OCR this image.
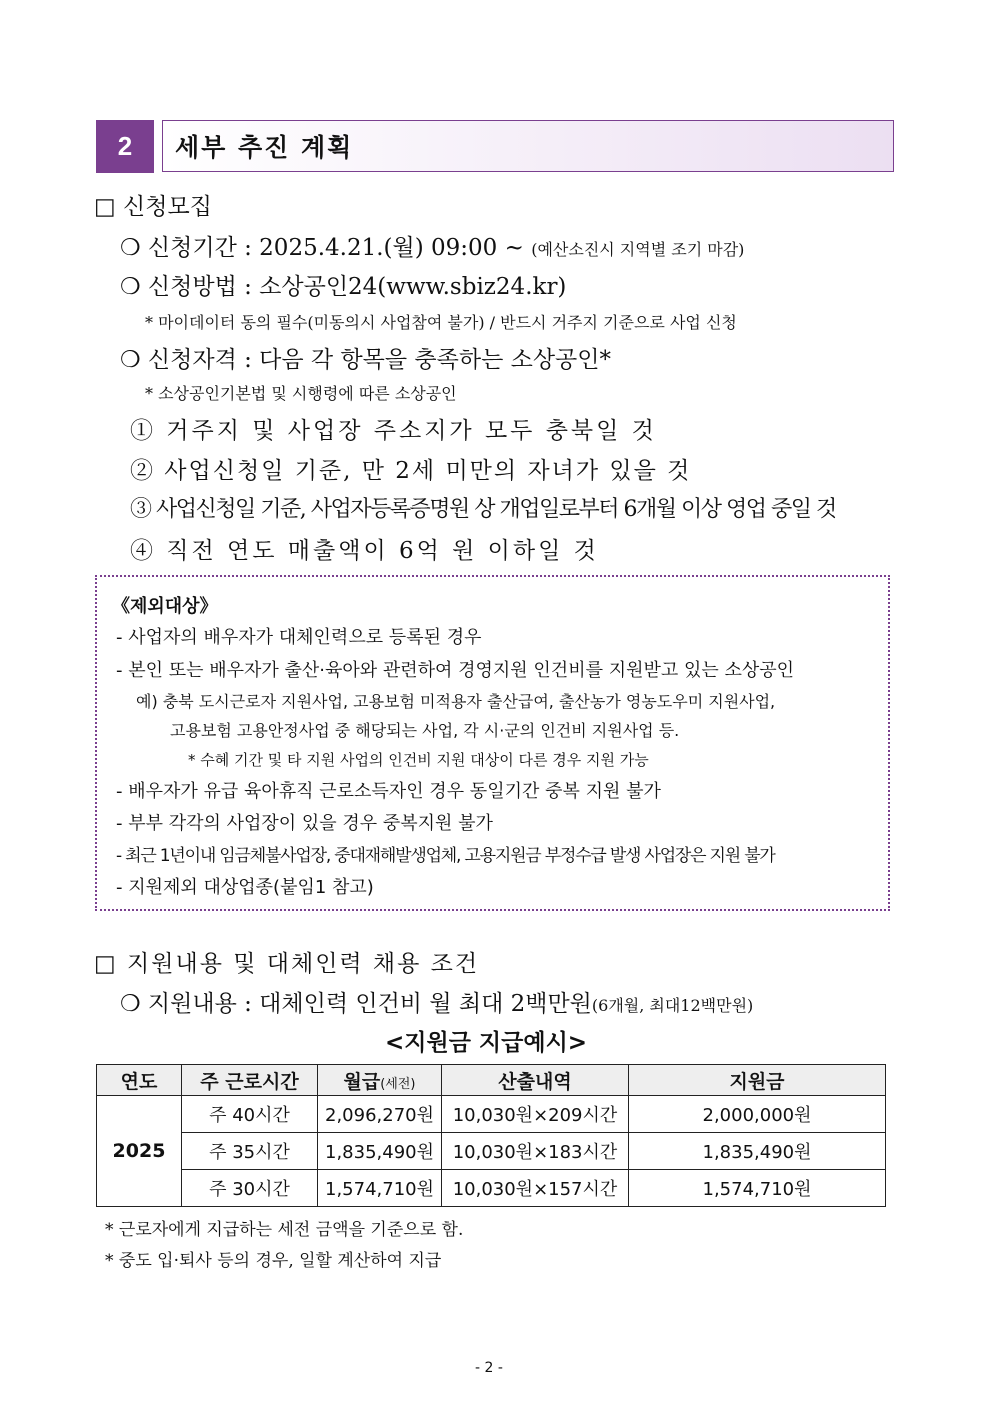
2	세부 추진 계획
□ 신청모집
❍ 신청기간 : 2025.4.21.(월) 09:00 ~ (예산소진시 지역별 조기 마감)
❍ 신청방법 : 소상공인24(www.sbiz24.kr)
* 마이데이터 동의 필수(미동의시 사업참여 불가) / 반드시 거주지 기준으로 사업 신청
❍ 신청자격 : 다음 각 항목을 충족하는 소상공인*
* 소상공인기본법 및 시행령에 따른 소상공인
① 거주지 및 사업장 주소지가 모두 충북일 것
② 사업신청일 기준, 만 2세 미만의 자녀가 있을 것
③ 사업신청일 기준, 사업자등록증명원 상 개업일로부터 6개월 이상 영업 중일 것
④ 직전 연도 매출액이 6억 원 이하일 것
《제외대상》
- 사업자의 배우자가 대체인력으로 등록된 경우
- 본인 또는 배우자가 출산·육아와 관련하여 경영지원 인건비를 지원받고 있는 소상공인
예) 충북 도시근로자 지원사업, 고용보험 미적용자 출산급여, 출산농가 영농도우미 지원사업,
고용보험 고용안정사업 중 해당되는 사업, 각 시·군의 인건비 지원사업 등.
* 수혜 기간 및 타 지원 사업의 인건비 지원 대상이 다른 경우 지원 가능
- 배우자가 유급 육아휴직 근로소득자인 경우 동일기간 중복 지원 불가
- 부부 각각의 사업장이 있을 경우 중복지원 불가
- 최근 1년이내 임금체불사업장, 중대재해발생업체, 고용지원금 부정수급 발생 사업장은 지원 불가
- 지원제외 대상업종(붙임1 참고)
□ 지원내용 및 대체인력 채용 조건
❍ 지원내용 : 대체인력 인건비 월 최대 2백만원(6개월, 최대12백만원)
<지원금 지급예시>
연도	주 근로시간	월급(세전)	산출내역	지원금
2025	주 40시간	2,096,270원	10,030원×209시간	2,000,000원
	주 35시간	1,835,490원	10,030원×183시간	1,835,490원
	주 30시간	1,574,710원	10,030원×157시간	1,574,710원
* 근로자에게 지급하는 세전 금액을 기준으로 함.
* 중도 입·퇴사 등의 경우, 일할 계산하여 지급
- 2 -
